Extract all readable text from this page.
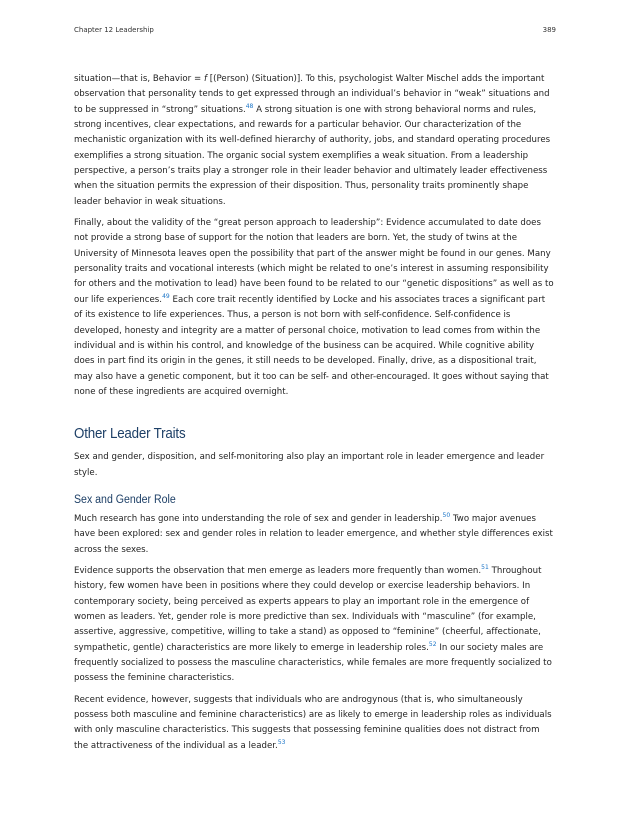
Chapter 12 Leadership	389

situation—that is, Behavior = f [(Person) (Situation)]. To this, psychologist Walter Mischel adds the important observation that personality tends to get expressed through an individual’s behavior in “weak” situations and to be suppressed in “strong” situations.$^{48}$ A strong situation is one with strong behavioral norms and rules, strong incentives, clear expectations, and rewards for a particular behavior. Our characterization of the mechanistic organization with its well-defined hierarchy of authority, jobs, and standard operating procedures exemplifies a strong situation. The organic social system exemplifies a weak situation. From a leadership perspective, a person’s traits play a stronger role in their leader behavior and ultimately leader effectiveness when the situation permits the expression of their disposition. Thus, personality traits prominently shape leader behavior in weak situations.

Finally, about the validity of the “great person approach to leadership”: Evidence accumulated to date does not provide a strong base of support for the notion that leaders are born. Yet, the study of twins at the University of Minnesota leaves open the possibility that part of the answer might be found in our genes. Many personality traits and vocational interests (which might be related to one’s interest in assuming responsibility for others and the motivation to lead) have been found to be related to our “genetic dispositions” as well as to our life experiences.$^{49}$ Each core trait recently identified by Locke and his associates traces a significant part of its existence to life experiences. Thus, a person is not born with self-confidence. Self-confidence is developed, honesty and integrity are a matter of personal choice, motivation to lead comes from within the individual and is within his control, and knowledge of the business can be acquired. While cognitive ability does in part find its origin in the genes, it still needs to be developed. Finally, drive, as a dispositional trait, may also have a genetic component, but it too can be self- and other-encouraged. It goes without saying that none of these ingredients are acquired overnight.

Other Leader Traits

Sex and gender, disposition, and self-monitoring also play an important role in leader emergence and leader style.

Sex and Gender Role

Much research has gone into understanding the role of sex and gender in leadership.$^{50}$ Two major avenues have been explored: sex and gender roles in relation to leader emergence, and whether style differences exist across the sexes.

Evidence supports the observation that men emerge as leaders more frequently than women.$^{51}$ Throughout history, few women have been in positions where they could develop or exercise leadership behaviors. In contemporary society, being perceived as experts appears to play an important role in the emergence of women as leaders. Yet, gender role is more predictive than sex. Individuals with “masculine” (for example, assertive, aggressive, competitive, willing to take a stand) as opposed to “feminine” (cheerful, affectionate, sympathetic, gentle) characteristics are more likely to emerge in leadership roles.$^{52}$ In our society males are frequently socialized to possess the masculine characteristics, while females are more frequently socialized to possess the feminine characteristics.

Recent evidence, however, suggests that individuals who are androgynous (that is, who simultaneously possess both masculine and feminine characteristics) are as likely to emerge in leadership roles as individuals with only masculine characteristics. This suggests that possessing feminine qualities does not distract from the attractiveness of the individual as a leader.$^{53}$
